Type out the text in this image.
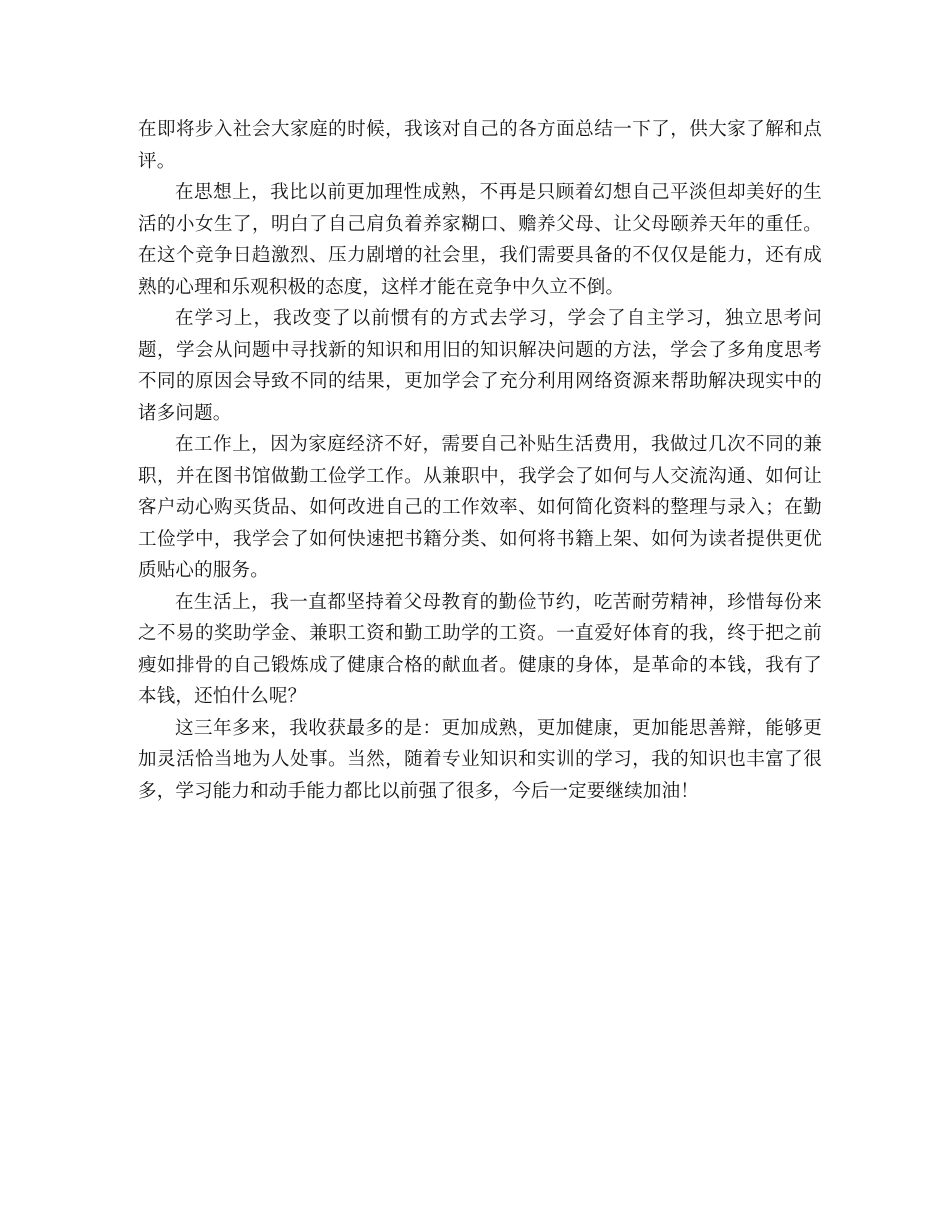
在即将步入社会大家庭的时候，我该对自己的各方面总结一下了，供大家了解和点评。

在思想上，我比以前更加理性成熟，不再是只顾着幻想自己平淡但却美好的生活的小女生了，明白了自己肩负着养家糊口、赡养父母、让父母颐养天年的重任。在这个竞争日趋激烈、压力剧增的社会里，我们需要具备的不仅仅是能力，还有成熟的心理和乐观积极的态度，这样才能在竞争中久立不倒。

在学习上，我改变了以前惯有的方式去学习，学会了自主学习，独立思考问题，学会从问题中寻找新的知识和用旧的知识解决问题的方法，学会了多角度思考不同的原因会导致不同的结果，更加学会了充分利用网络资源来帮助解决现实中的诸多问题。

在工作上，因为家庭经济不好，需要自己补贴生活费用，我做过几次不同的兼职，并在图书馆做勤工俭学工作。从兼职中，我学会了如何与人交流沟通、如何让客户动心购买货品、如何改进自己的工作效率、如何简化资料的整理与录入；在勤工俭学中，我学会了如何快速把书籍分类、如何将书籍上架、如何为读者提供更优质贴心的服务。

在生活上，我一直都坚持着父母教育的勤俭节约，吃苦耐劳精神，珍惜每份来之不易的奖助学金、兼职工资和勤工助学的工资。一直爱好体育的我，终于把之前瘦如排骨的自己锻炼成了健康合格的献血者。健康的身体，是革命的本钱，我有了本钱，还怕什么呢？

这三年多来，我收获最多的是：更加成熟，更加健康，更加能思善辩，能够更加灵活恰当地为人处事。当然，随着专业知识和实训的学习，我的知识也丰富了很多，学习能力和动手能力都比以前强了很多，今后一定要继续加油！
